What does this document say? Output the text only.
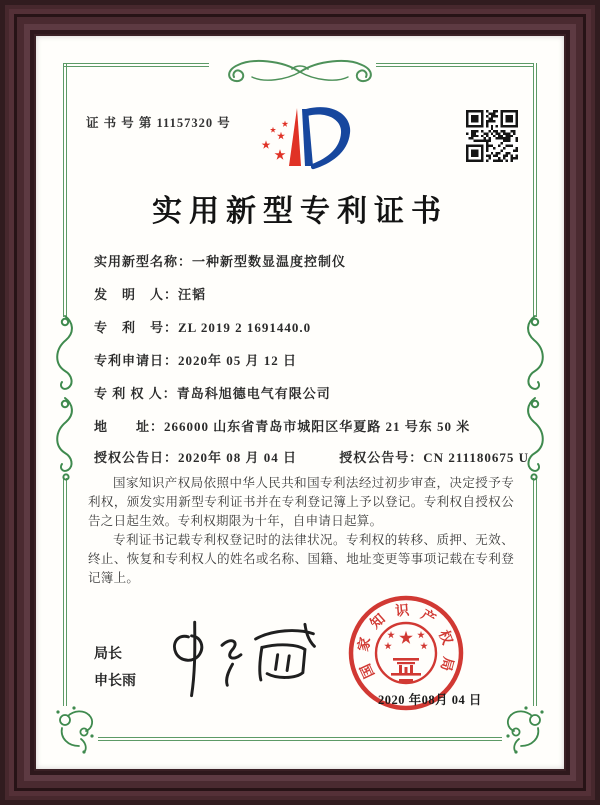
证 书 号 第 11157320 号
实用新型专利证书
实用新型名称：一种新型数显温度控制仪
发　明　人：汪韬
专　利　号：ZL 2019 2 1691440.0
专利申请日：2020年 05 月 12 日
专 利 权 人：青岛科旭德电气有限公司
地　　址：266000 山东省青岛市城阳区华夏路 21 号东 50 米
授权公告日：2020年 08 月 04 日	授权公告号：CN 211180675 U

国家知识产权局依照中华人民共和国专利法经过初步审查，决定授予专利权，颁发实用新型专利证书并在专利登记簿上予以登记。专利权自授权公告之日起生效。专利权期限为十年，自申请日起算。

专利证书记载专利权登记时的法律状况。专利权的转移、质押、无效、终止、恢复和专利权人的姓名或名称、国籍、地址变更等事项记载在专利登记簿上。

局长
申长雨	国
家
知
识 产
权
局
2020 年08月 04 日
